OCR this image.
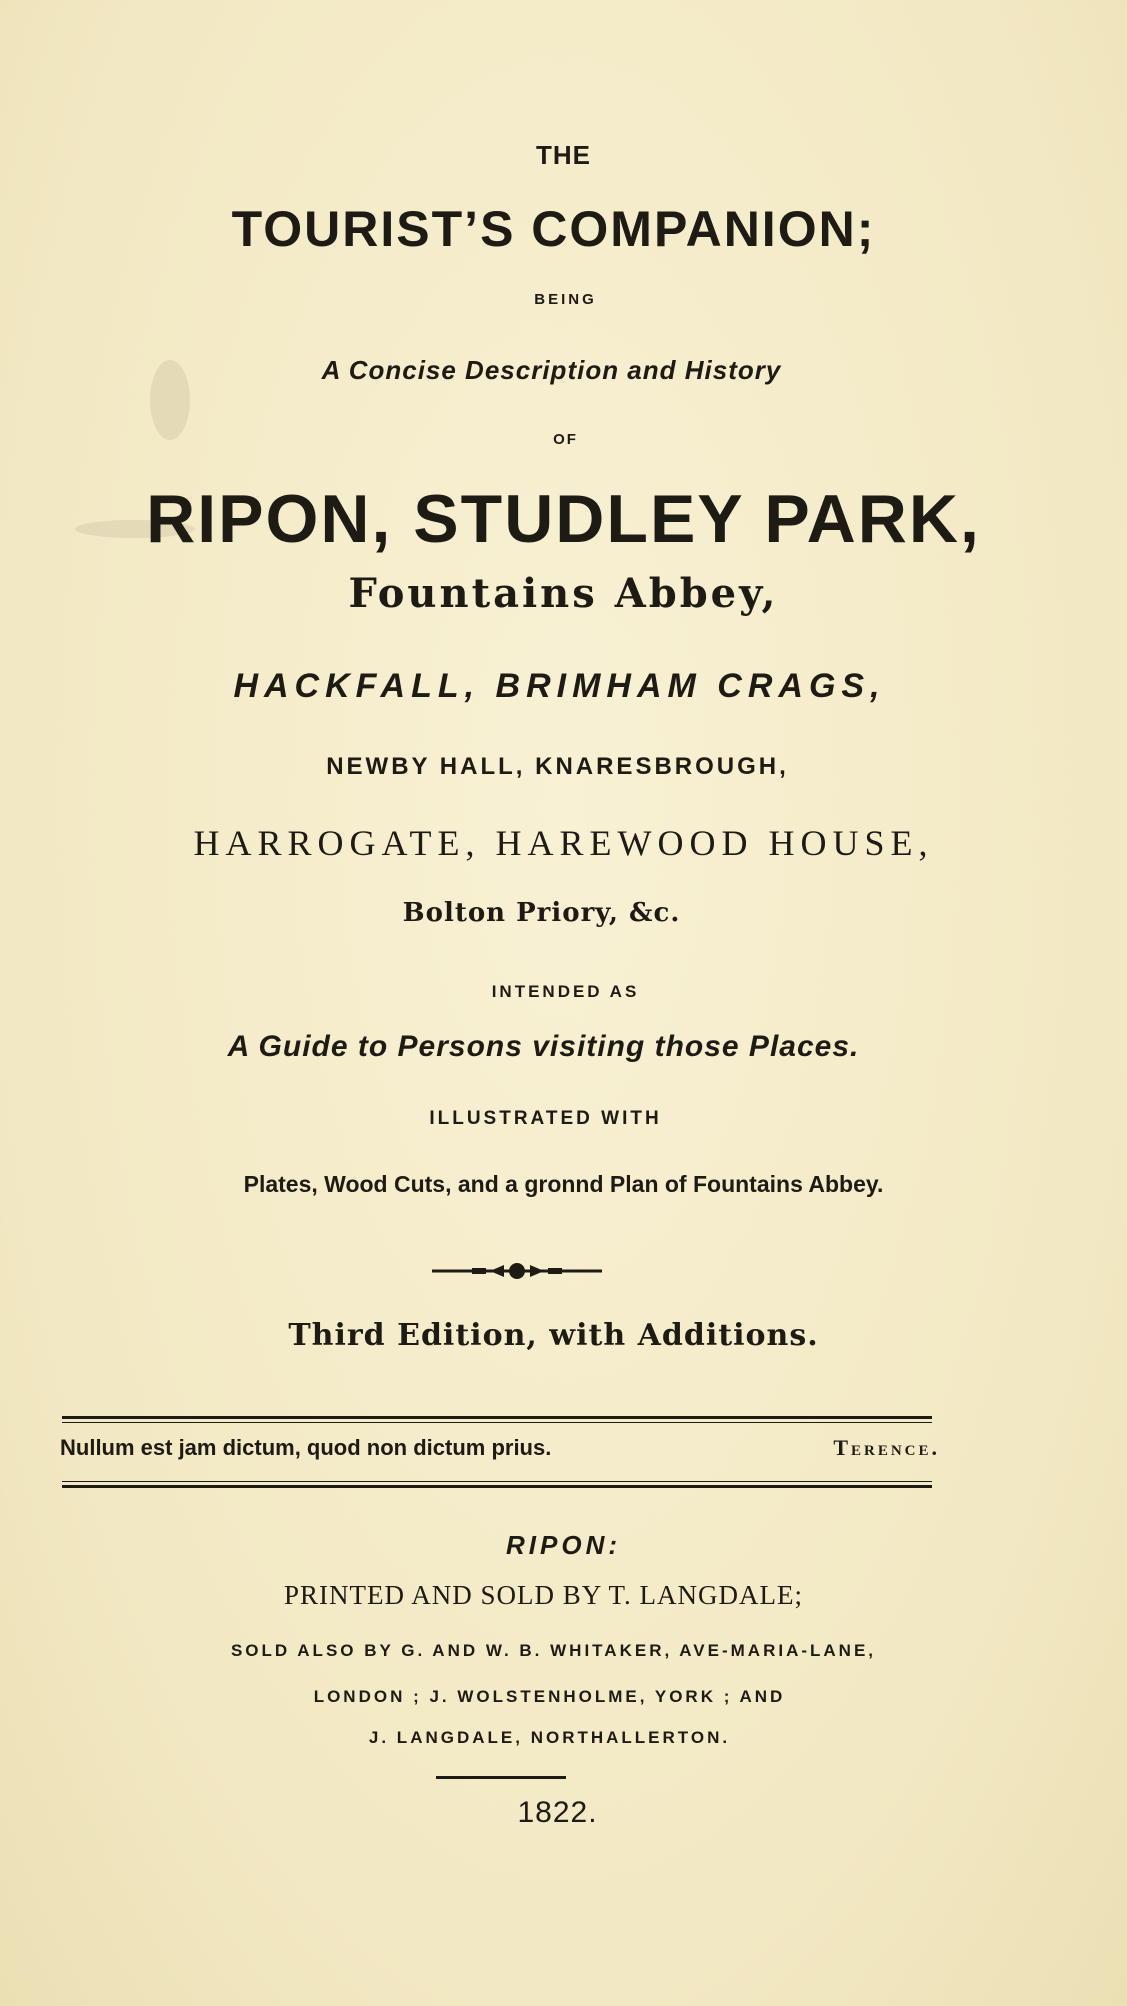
THE
TOURIST’S COMPANION;
BEING
A Concise Description and History
OF
RIPON, STUDLEY PARK,
Fountains Abbey,
HACKFALL, BRIMHAM CRAGS,
NEWBY HALL, KNARESBROUGH,
HARROGATE, HAREWOOD HOUSE,
Bolton Priory, &c.
INTENDED AS
A Guide to Persons visiting those Places.
ILLUSTRATED WITH
Plates, Wood Cuts, and a gronnd Plan of Fountains Abbey.
Third Edition, with Additions.
Nullum est jam dictum, quod non dictum prius.	Terence.
RIPON:
PRINTED AND SOLD BY T. LANGDALE;
SOLD ALSO BY G. AND W. B. WHITAKER, AVE-MARIA-LANE,
LONDON ; J. WOLSTENHOLME, YORK ; AND
J. LANGDALE, NORTHALLERTON.
1822.
